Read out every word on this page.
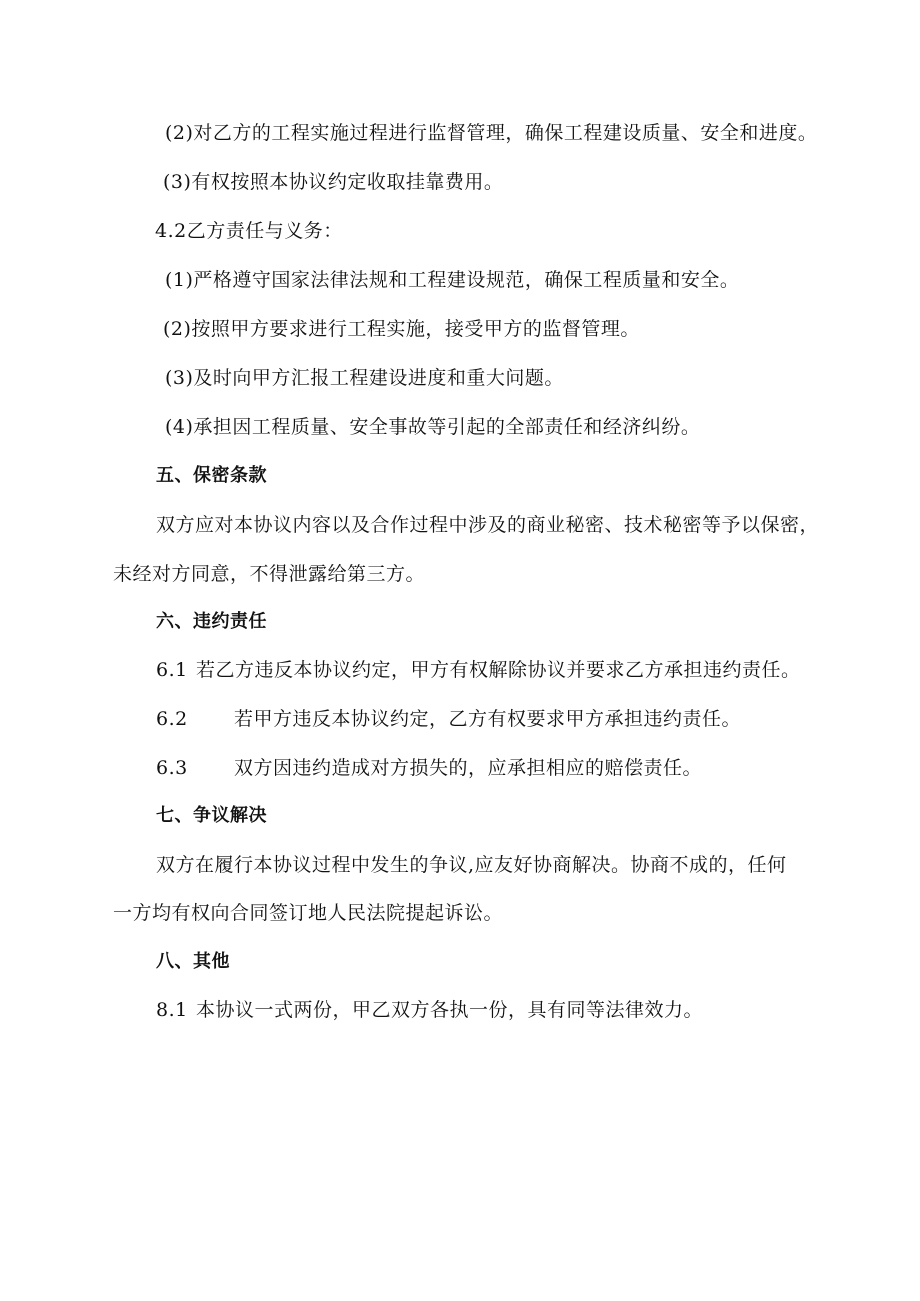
(2)对乙方的工程实施过程进行监督管理，确保工程建设质量、安全和进度。
(3)有权按照本协议约定收取挂靠费用。
4.2乙方责任与义务：
(1)严格遵守国家法律法规和工程建设规范，确保工程质量和安全。
(2)按照甲方要求进行工程实施，接受甲方的监督管理。
(3)及时向甲方汇报工程建设进度和重大问题。
(4)承担因工程质量、安全事故等引起的全部责任和经济纠纷。
五、保密条款
双方应对本协议内容以及合作过程中涉及的商业秘密、技术秘密等予以保密，
未经对方同意，不得泄露给第三方。
六、违约责任
6.1 若乙方违反本协议约定，甲方有权解除协议并要求乙方承担违约责任。
6.2 若甲方违反本协议约定，乙方有权要求甲方承担违约责任。
6.3 双方因违约造成对方损失的，应承担相应的赔偿责任。
七、争议解决
双方在履行本协议过程中发生的争议,应友好协商解决。协商不成的，任何
一方均有权向合同签订地人民法院提起诉讼。
八、其他
8.1 本协议一式两份，甲乙双方各执一份，具有同等法律效力。
